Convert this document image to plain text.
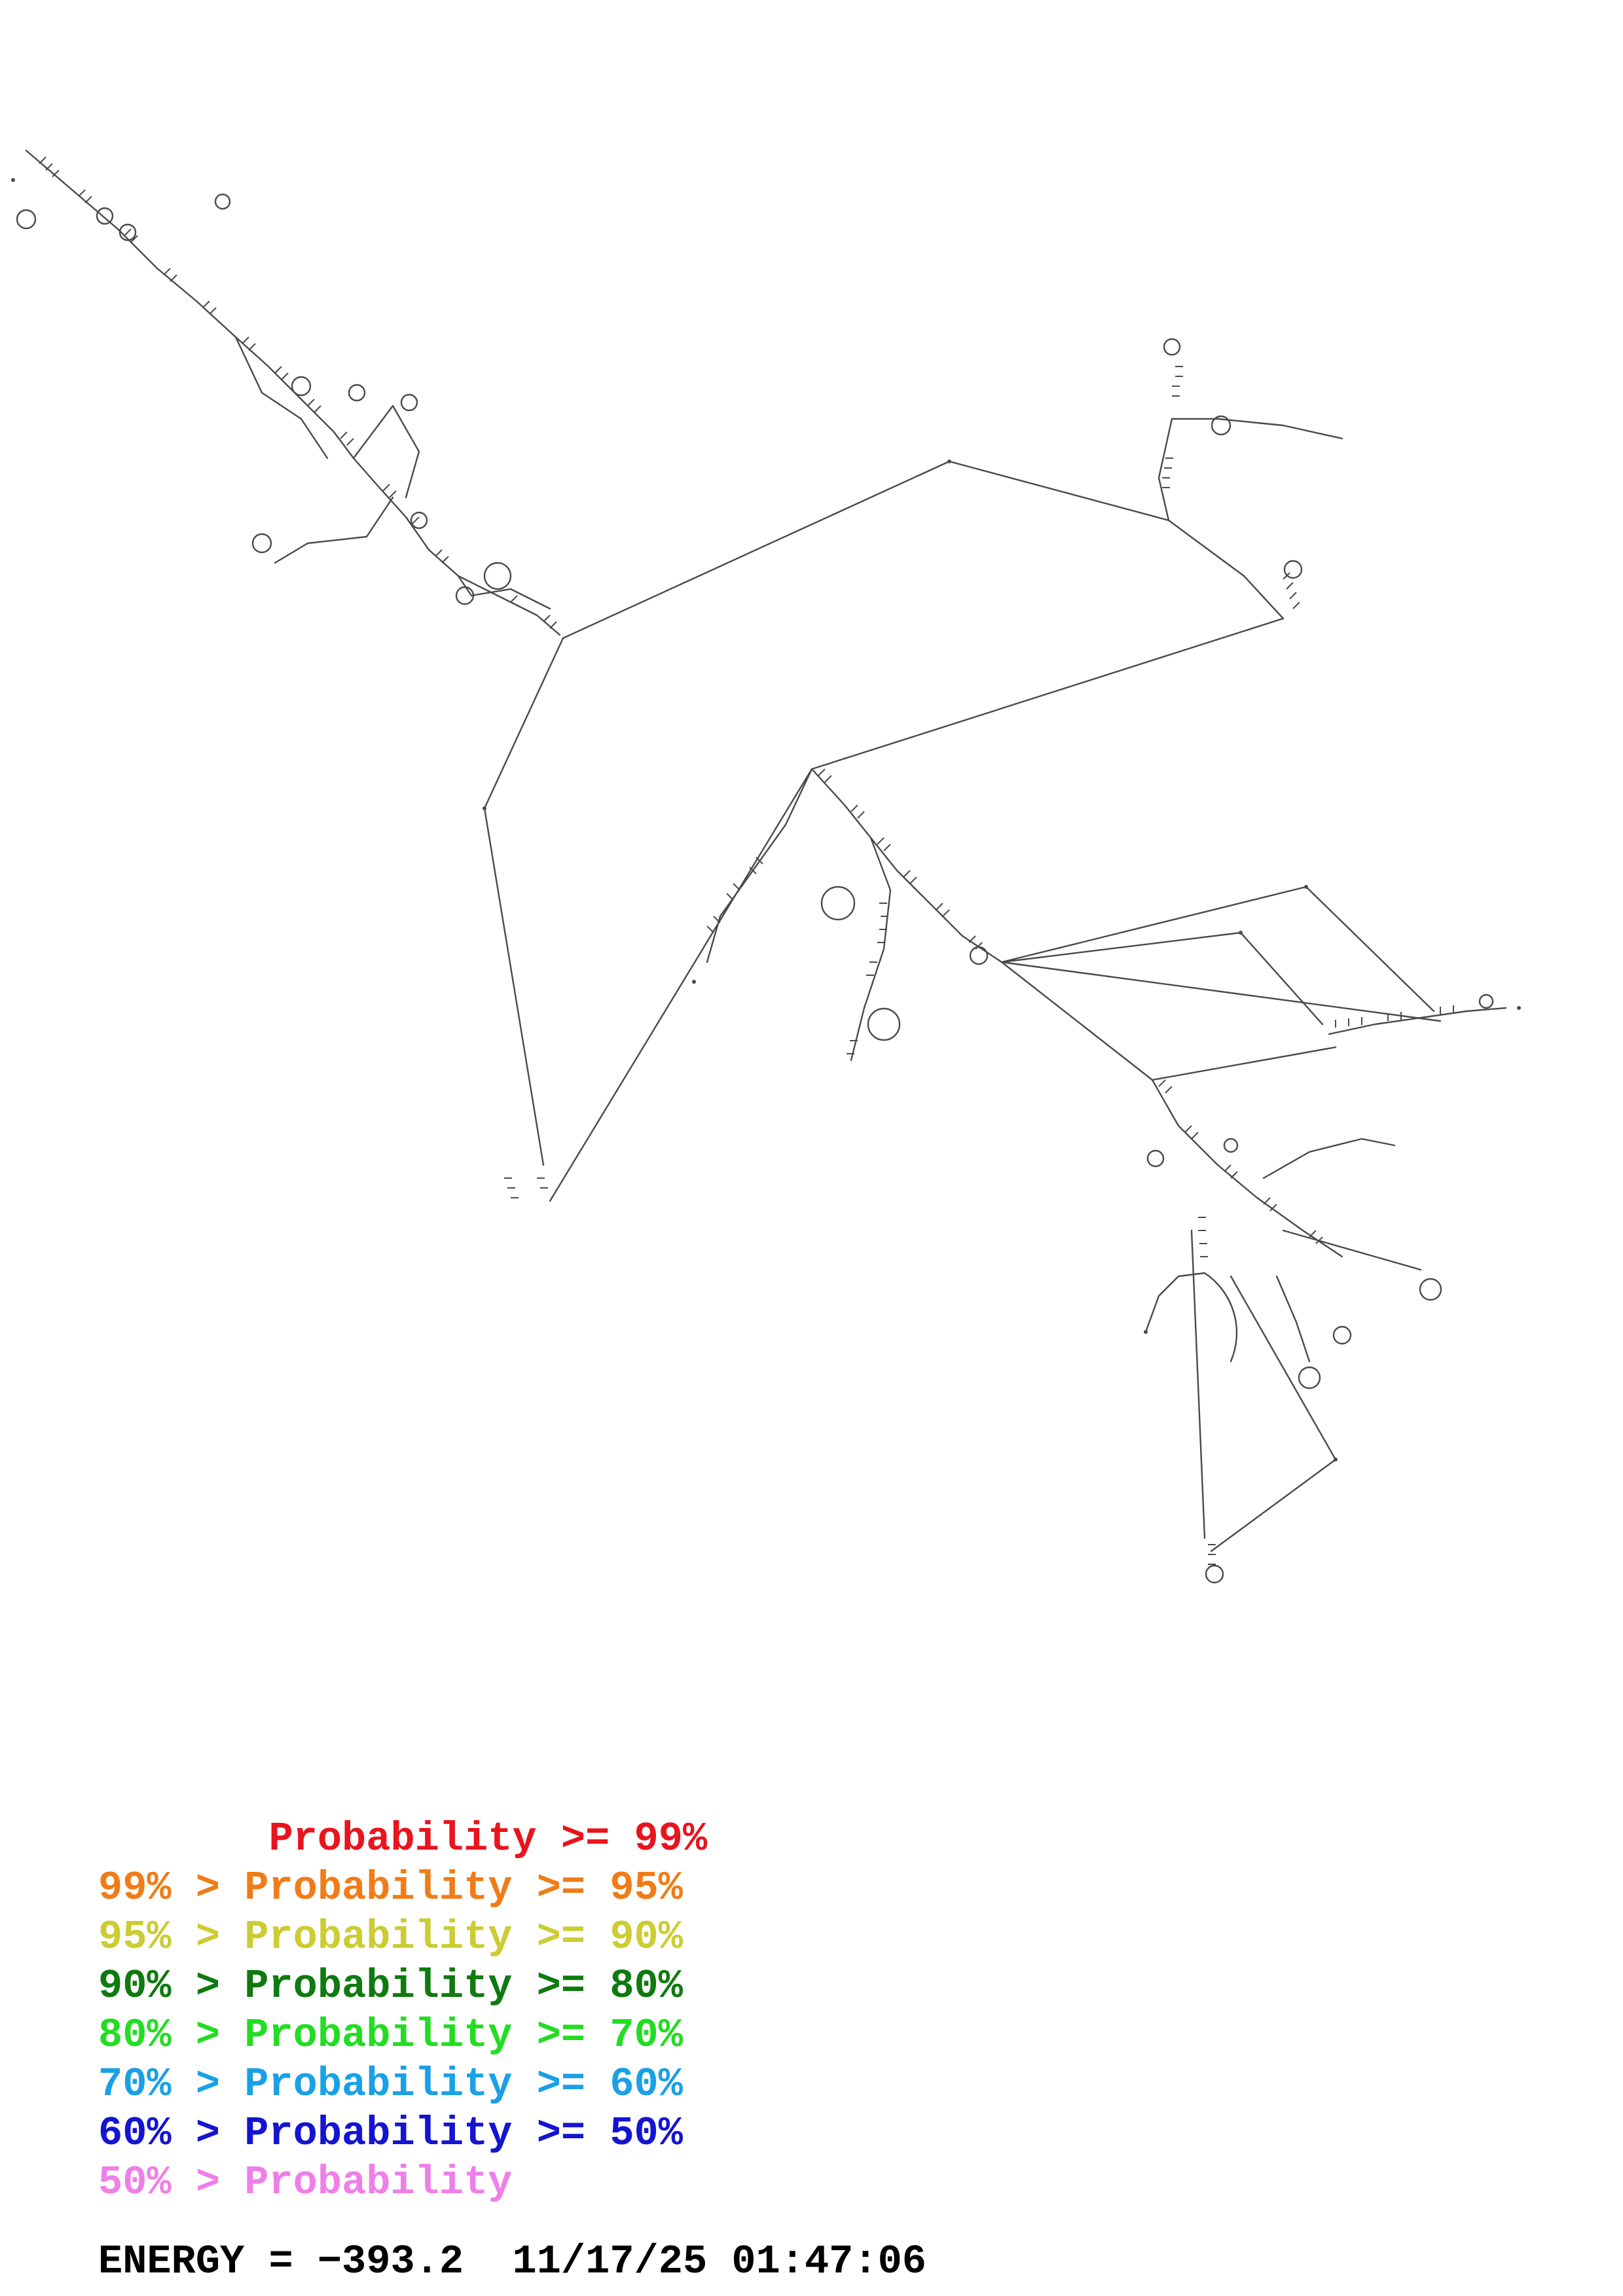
Probability >= 99%
99% > Probability >= 95%
95% > Probability >= 90%
90% > Probability >= 80%
80% > Probability >= 70%
70% > Probability >= 60%
60% > Probability >= 50%
50% > Probability
ENERGY = −393.2  11/17/25 01:47:06
